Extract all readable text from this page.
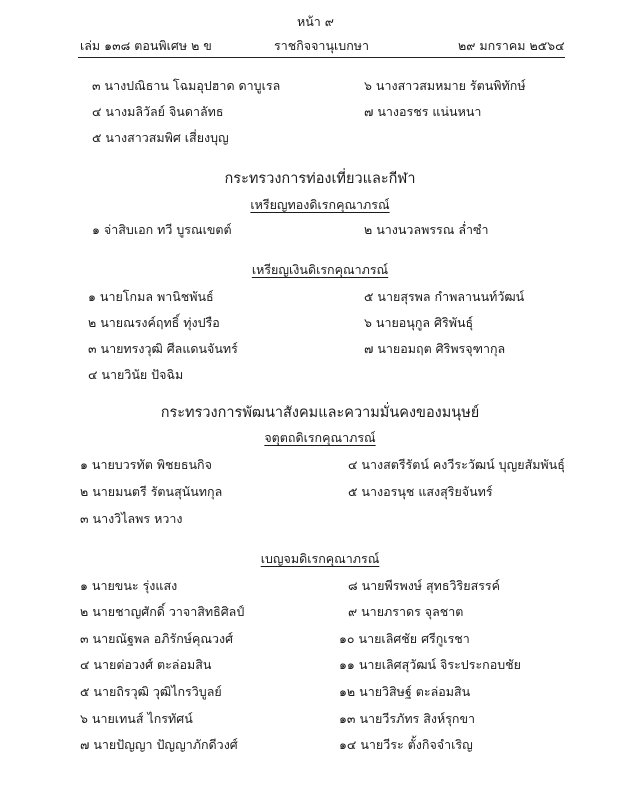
หน้า ๙
เล่ม ๑๓๘ ตอนพิเศษ ๒ ข	ราชกิจจานุเบกษา	๒๙ มกราคม ๒๕๖๔
๓ นางปณิธาน โฉมอุปฮาด ดาบูเรล
๔ นางมลิวัลย์ จินดาลัทธ
๕ นางสาวสมพิศ เสี่ยงบุญ
๖ นางสาวสมหมาย รัตนพิทักษ์
๗ นางอรชร แน่นหนา
กระทรวงการท่องเที่ยวและกีฬา
เหรียญทองดิเรกคุณาภรณ์
๑ จ่าสิบเอก ทวี บูรณเขตต์	๒ นางนวลพรรณ ล่ำซำ
เหรียญเงินดิเรกคุณาภรณ์
๑ นายโกมล พานิชพันธ์
๒ นายณรงค์ฤทธิ์ ทุ่งปรือ
๓ นายทรงวุฒิ ศีลแดนจันทร์
๔ นายวินัย ปัจฉิม
๕ นายสุรพล กำพลานนท์วัฒน์
๖ นายอนุกูล ศิริพันธุ์
๗ นายอมฤต ศิริพรจุฑากุล
กระทรวงการพัฒนาสังคมและความมั่นคงของมนุษย์
จตุตถดิเรกคุณาภรณ์
๑ นายบวรทัต พิชยธนกิจ
๒ นายมนตรี รัตนสุนันทกุล
๓ นางวิไลพร หวาง
๔ นางสตรีรัตน์ คงวีระวัฒน์ บุญยสัมพันธุ์
๕ นางอรนุช แสงสุริยจันทร์
เบญจมดิเรกคุณาภรณ์
๑ นายขนะ รุ่งแสง
๒ นายชาญศักดิ์ วาจาสิทธิศิลป์
๓ นายณัฐพล อภิรักษ์คุณวงศ์
๔ นายต่อวงศ์ ตะล่อมสิน
๕ นายถิรวุฒิ วุฒิไกรวิบูลย์
๖ นายเทนส์ ไกรทัศน์
๗ นายปัญญา ปัญญาภักดีวงศ์
๘ นายพีรพงษ์ สุทธวิริยสรรค์
๙ นายภราดร จุลชาต
๑๐ นายเลิศชัย ศรีกูเรชา
๑๑ นายเลิศสุวัฒน์ จิระประกอบชัย
๑๒ นายวิสิษฐ์ ตะล่อมสิน
๑๓ นายวีรภัทร สิงห์รุกขา
๑๔ นายวีระ ตั้งกิจจำเริญ
